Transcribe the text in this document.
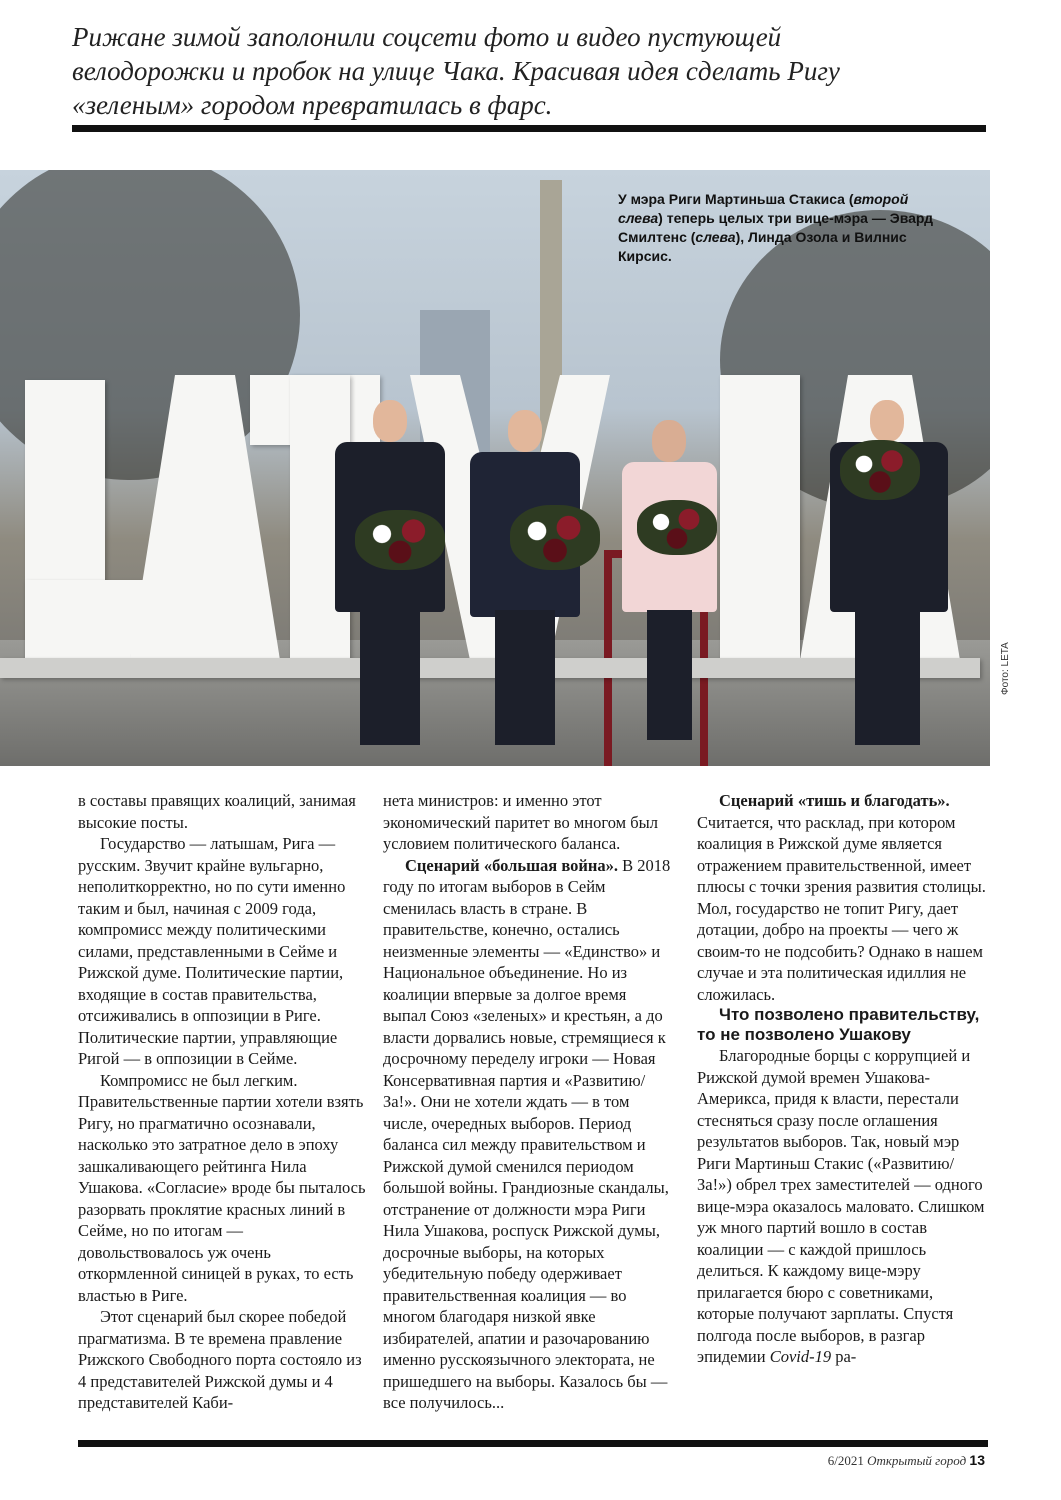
Рижане зимой заполонили соцсети фото и видео пустующей

велодорожки и пробок на улице Чака. Красивая идея сделать Ригу

«зеленым» городом превратилась в фарс.

У мэра Риги Мартиньша Стакиса (второй слева) теперь целых три вице-мэра — Эвард Смилтенс (слева), Линда Озола и Вилнис Кирсис.
Фото: LETA

в составы правящих коалиций, занимая высокие посты.

Государство — латышам, Рига — русским. Звучит крайне вульгарно, неполиткорректно, но по сути именно таким и был, начиная с 2009 года, компромисс между политическими силами, представленными в Сейме и Рижской думе. Политические партии, входящие в состав правительства, отсиживались в оппозиции в Риге. Политические партии, управляющие Ригой — в оппозиции в Сейме.

Компромисс не был легким. Правительственные партии хотели взять Ригу, но прагматично осознавали, насколько это затратное дело в эпоху зашкаливающего рейтинга Нила Ушакова. «Согласие» вроде бы пыталось разорвать проклятие красных линий в Сейме, но по итогам — довольствовалось уж очень откормленной синицей в руках, то есть властью в Риге.

Этот сценарий был скорее победой прагматизма. В те времена правление Рижского Свободного порта состояло из 4 представителей Рижской думы и 4 представителей Каби-

нета министров: и именно этот экономический паритет во многом был условием политического баланса.

Сценарий «большая война». В 2018 году по итогам выборов в Сейм сменилась власть в стране. В правительстве, конечно, остались неизменные элементы — «Единство» и Национальное объединение. Но из коалиции впервые за долгое время выпал Союз «зеленых» и крестьян, а до власти дорвались новые, стремящиеся к досрочному переделу игроки — Новая Консервативная партия и «Развитию/За!». Они не хотели ждать — в том числе, очередных выборов. Период баланса сил между правительством и Рижской думой сменился периодом большой войны. Грандиозные скандалы, отстранение от должности мэра Риги Нила Ушакова, роспуск Рижской думы, досрочные выборы, на которых убедительную победу одерживает правительственная коалиция — во многом благодаря низкой явке избирателей, апатии и разочарованию именно русскоязычного электората, не пришедшего на выборы. Казалось бы — все получилось...

Сценарий «тишь и благодать». Считается, что расклад, при котором коалиция в Рижской думе является отражением правительственной, имеет плюсы с точки зрения развития столицы. Мол, государство не топит Ригу, дает дотации, добро на проекты — чего ж своим-то не подсобить? Однако в нашем случае и эта политическая идиллия не сложилась.

Что позволено правительству, то не позволено Ушакову

Благородные борцы с коррупцией и Рижской думой времен Ушакова-Америкса, придя к власти, перестали стесняться сразу после оглашения результатов выборов. Так, новый мэр Риги Мартиньш Стакис («Развитию/За!») обрел трех заместителей — одного вице-мэра оказалось маловато. Слишком уж много партий вошло в состав коалиции — с каждой пришлось делиться. К каждому вице-мэру прилагается бюро с советниками, которые получают зарплаты. Спустя полгода после выборов, в разгар эпидемии Covid-19 ра-

6/2021 Открытый город 13
